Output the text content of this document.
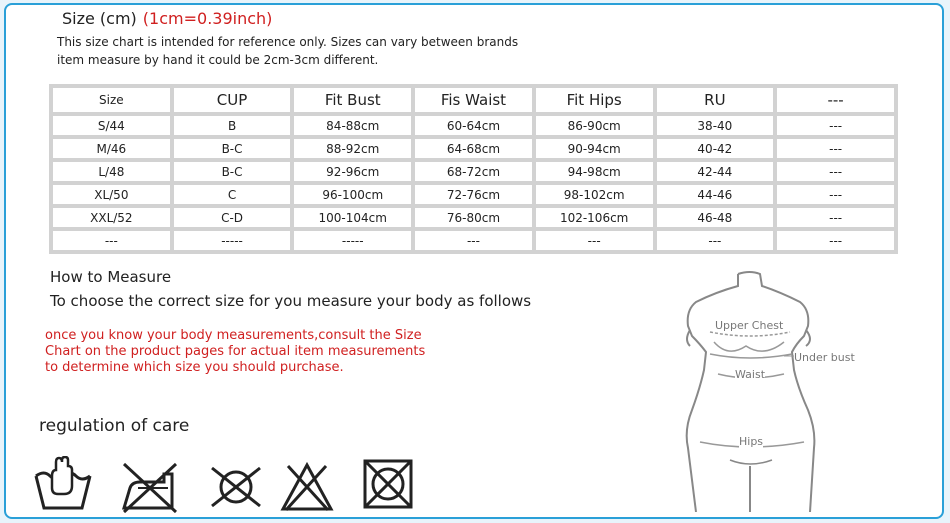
Size (cm) (1cm=0.39inch)
This size chart is intended for reference only. Sizes can vary between brands
item measure by hand it could be 2cm-3cm different.
Size	CUP	Fit Bust	Fis Waist	Fit Hips	RU	---
S/44	B	84-88cm	60-64cm	86-90cm	38-40	---
M/46	B-C	88-92cm	64-68cm	90-94cm	40-42	---
L/48	B-C	92-96cm	68-72cm	94-98cm	42-44	---
XL/50	C	96-100cm	72-76cm	98-102cm	44-46	---
XXL/52	C-D	100-104cm	76-80cm	102-106cm	46-48	---
---	-----	-----	---	---	---	---
How to Measure
To choose the correct size for you measure your body as follows
once you know your body measurements,consult the Size
Chart on the product pages for actual item measurements
to determine which size you should purchase.
regulation of care
Upper Chest
Under bust
Waist
Hips
